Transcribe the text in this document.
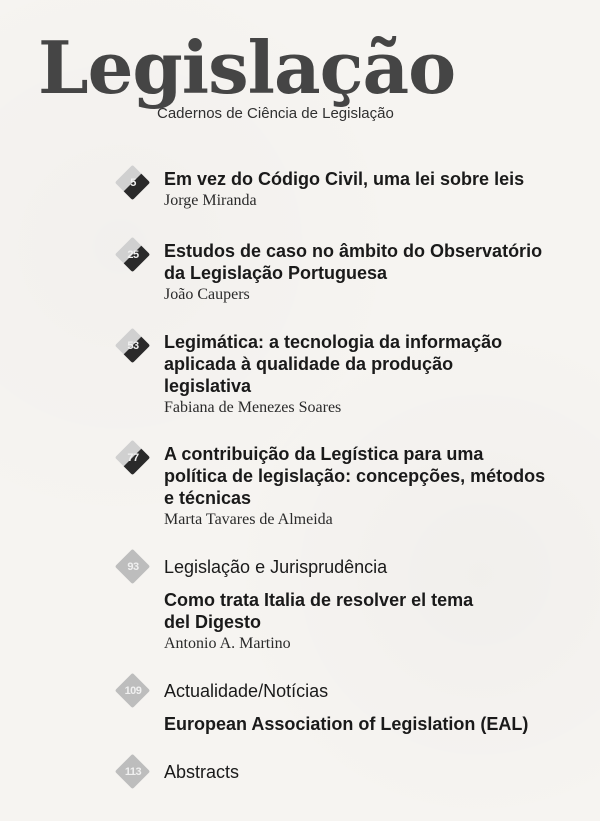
Legislação
Cadernos de Ciência de Legislação
5	Em vez do Código Civil, uma lei sobre leis
Jorge Miranda
25	Estudos de caso no âmbito do Observatório
da Legislação Portuguesa
João Caupers
53	Legimática: a tecnologia da informação
aplicada à qualidade da produção
legislativa
Fabiana de Menezes Soares
77	A contribuição da Legística para uma
política de legislação: concepções, métodos
e técnicas
Marta Tavares de Almeida
93	Legislação e Jurisprudência
Como trata Italia de resolver el tema
del Digesto
Antonio A. Martino
109	Actualidade/Notícias
European Association of Legislation (EAL)
113	Abstracts
